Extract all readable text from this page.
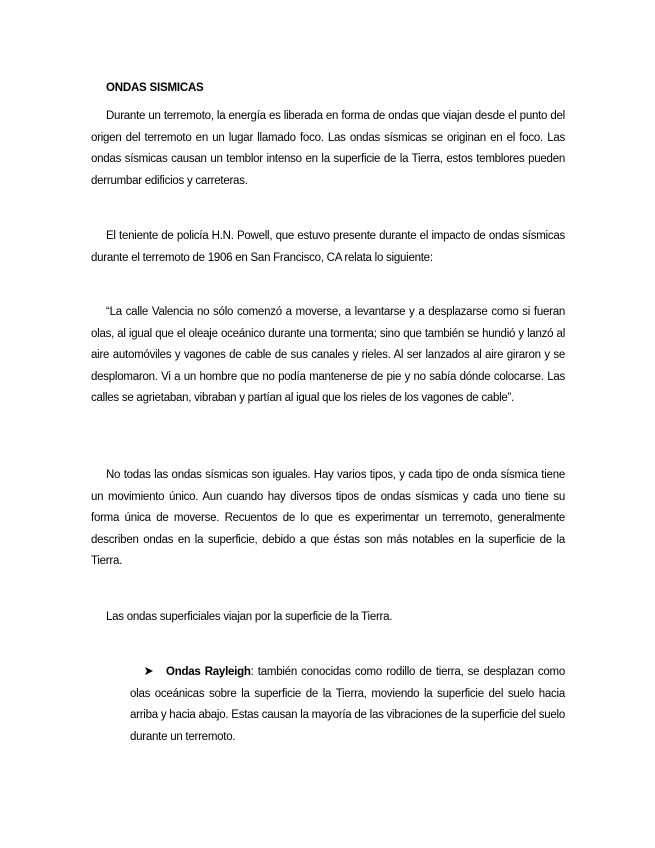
ONDAS SISMICAS

Durante un terremoto, la energía es liberada en forma de ondas que viajan desde el punto del origen del terremoto en un lugar llamado foco. Las ondas sísmicas se originan en el foco. Las ondas sísmicas causan un temblor intenso en la superficie de la Tierra, estos temblores pueden derrumbar edificios y carreteras.

El teniente de policía H.N. Powell, que estuvo presente durante el impacto de ondas sísmicas durante el terremoto de 1906 en San Francisco, CA relata lo siguiente:

“La calle Valencia no sólo comenzó a moverse, a levantarse y a desplazarse como si fueran olas, al igual que el oleaje oceánico durante una tormenta; sino que también se hundió y lanzó al aire automóviles y vagones de cable de sus canales y rieles. Al ser lanzados al aire giraron y se desplomaron. Vi a un hombre que no podía mantenerse de pie y no sabía dónde colocarse. Las calles se agrietaban, vibraban y partían al igual que los rieles de los vagones de cable”.

No todas las ondas sísmicas son iguales. Hay varios tipos, y cada tipo de onda sísmica tiene un movimiento único. Aun cuando hay diversos tipos de ondas sísmicas y cada uno tiene su forma única de moverse. Recuentos de lo que es experimentar un terremoto, generalmente describen ondas en la superficie, debido a que éstas son más notables en la superficie de la Tierra.

Las ondas superficiales viajan por la superficie de la Tierra.

Ondas Rayleigh: también conocidas como rodillo de tierra, se desplazan como olas oceánicas sobre la superficie de la Tierra, moviendo la superficie del suelo hacia arriba y hacia abajo. Estas causan la mayoría de las vibraciones de la superficie del suelo durante un terremoto.
